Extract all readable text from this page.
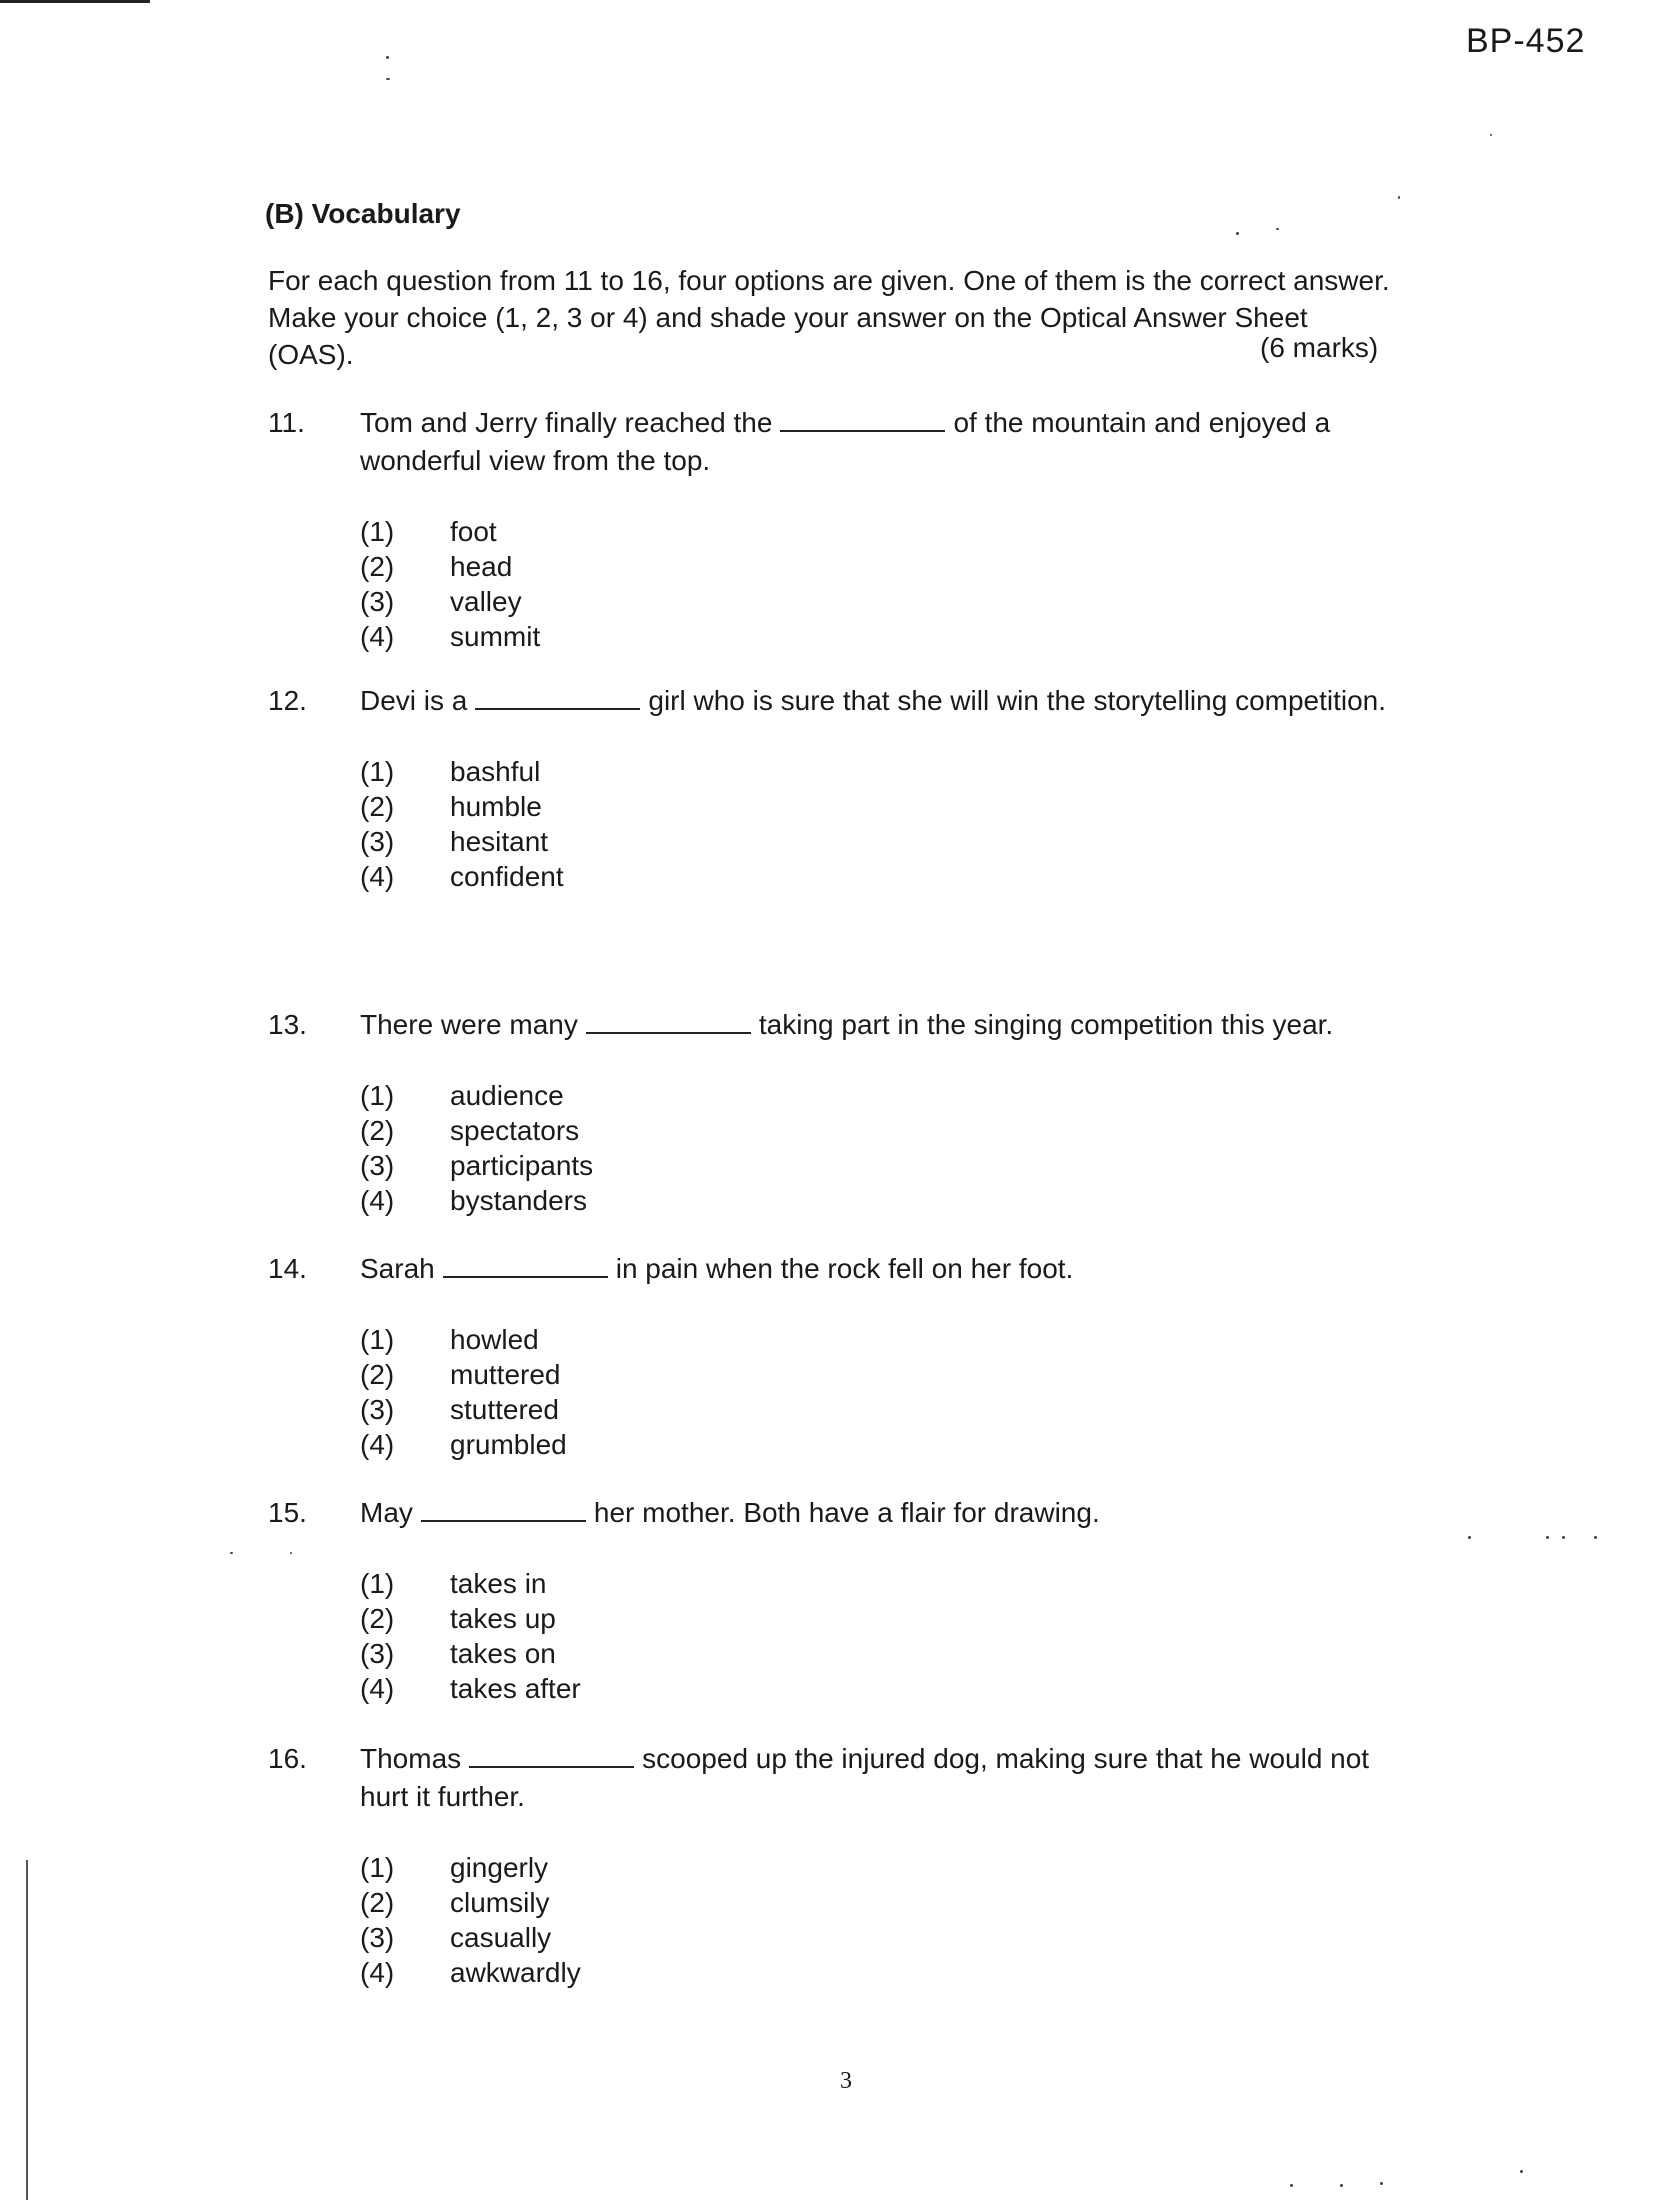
BP-452
(B) Vocabulary
For each question from 11 to 16, four options are given. One of them is the correct answer. Make your choice (1, 2, 3 or 4) and shade your answer on the Optical Answer Sheet (OAS).	(6 marks)
11.	Tom and Jerry finally reached the	of the mountain and enjoyed a wonderful view from the top.
(1)	foot
(2)	head
(3)	valley
(4)	summit
12.	Devi is a	girl who is sure that she will win the storytelling competition.
(1)	bashful
(2)	humble
(3)	hesitant
(4)	confident
13.	There were many	taking part in the singing competition this year.
(1)	audience
(2)	spectators
(3)	participants
(4)	bystanders
14.	Sarah	in pain when the rock fell on her foot.
(1)	howled
(2)	muttered
(3)	stuttered
(4)	grumbled
15.	May	her mother. Both have a flair for drawing.
(1)	takes in
(2)	takes up
(3)	takes on
(4)	takes after
16.	Thomas	scooped up the injured dog, making sure that he would not hurt it further.
(1)	gingerly
(2)	clumsily
(3)	casually
(4)	awkwardly
3
